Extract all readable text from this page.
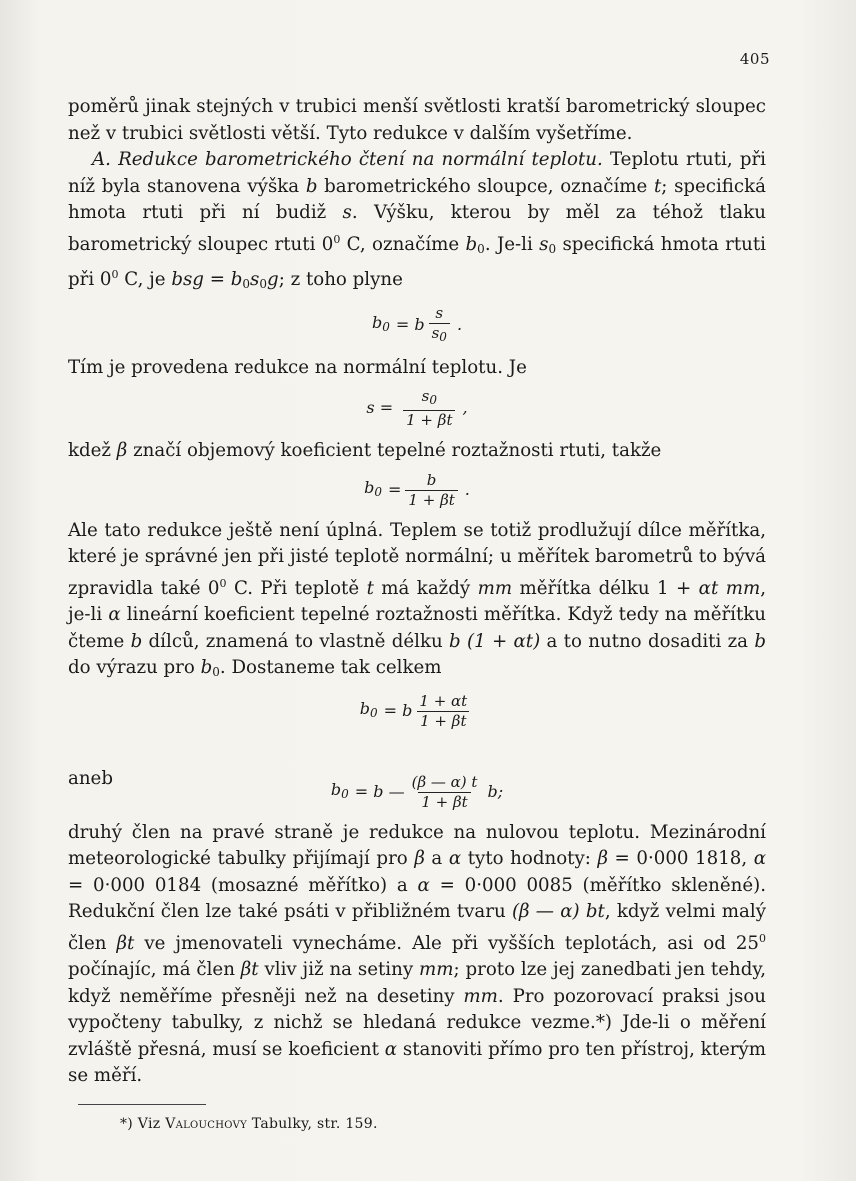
405

poměrů jinak stejných v trubici menší světlosti kratší barometrický sloupec než v trubici světlosti větší. Tyto redukce v dalším vyšetříme.

A. Redukce barometrického čtení na normální teplotu. Teplotu rtuti, při níž byla stanovena výška b barometrického sloupce, označíme t; specifická hmota rtuti při ní budiž s. Výšku, kterou by měl za téhož tlaku barometrický sloupec rtuti $0^0$ C, označíme $b_0$. Je-li $s_0$ specifická hmota rtuti při $0^0$ C, je bsg = $b_0s_0g$; z toho plyne

$b_0 = b \frac{s}{s_0}$ .

Tím je provedena redukce na normální teplotu. Je

$s = \frac{s_0}{1 + \beta t}$ ,

kdež β značí objemový koeficient tepelné roztažnosti rtuti, takže

$b_0 = \frac{b}{1 + \beta t}$ .

Ale tato redukce ještě není úplná. Teplem se totiž prodlužují dílce měřítka, které je správné jen při jisté teplotě normální; u měřítek barometrů to bývá zpravidla také $0^0$ C. Při teplotě t má každý mm měřítka délku 1 + αt mm, je-li α lineární koeficient tepelné roztažnosti měřítka. Když tedy na měřítku čteme b dílců, znamená to vlastně délku b (1 + αt) a to nutno dosaditi za b do výrazu pro $b_0$. Dostaneme tak celkem

$b_0 = b \frac{1 + \alpha t}{1 + \beta t}$
aneb
$b_0 = b$ — $\frac{(\beta — \alpha) t}{1 + \beta t} b$;

druhý člen na pravé straně je redukce na nulovou teplotu. Mezinárodní meteorologické tabulky přijímají pro β a α tyto hodnoty: β = 0·000 1818, α = 0·000 0184 (mosazné měřítko) a α = 0·000 0085 (měřítko skleněné). Redukční člen lze také psáti v přibližném tvaru (β — α) bt, když velmi malý člen βt ve jmenovateli vynecháme. Ale při vyšších teplotách, asi od $25^0$ počínajíc, má člen βt vliv již na setiny mm; proto lze jej zanedbati jen tehdy, když neměříme přesněji než na desetiny mm. Pro pozorovací praksi jsou vypočteny tabulky, z nichž se hledaná redukce vezme.*) Jde-li o měření zvláště přesná, musí se koeficient α stanoviti přímo pro ten přístroj, kterým se měří.

*) Viz Valouchovy Tabulky, str. 159.
